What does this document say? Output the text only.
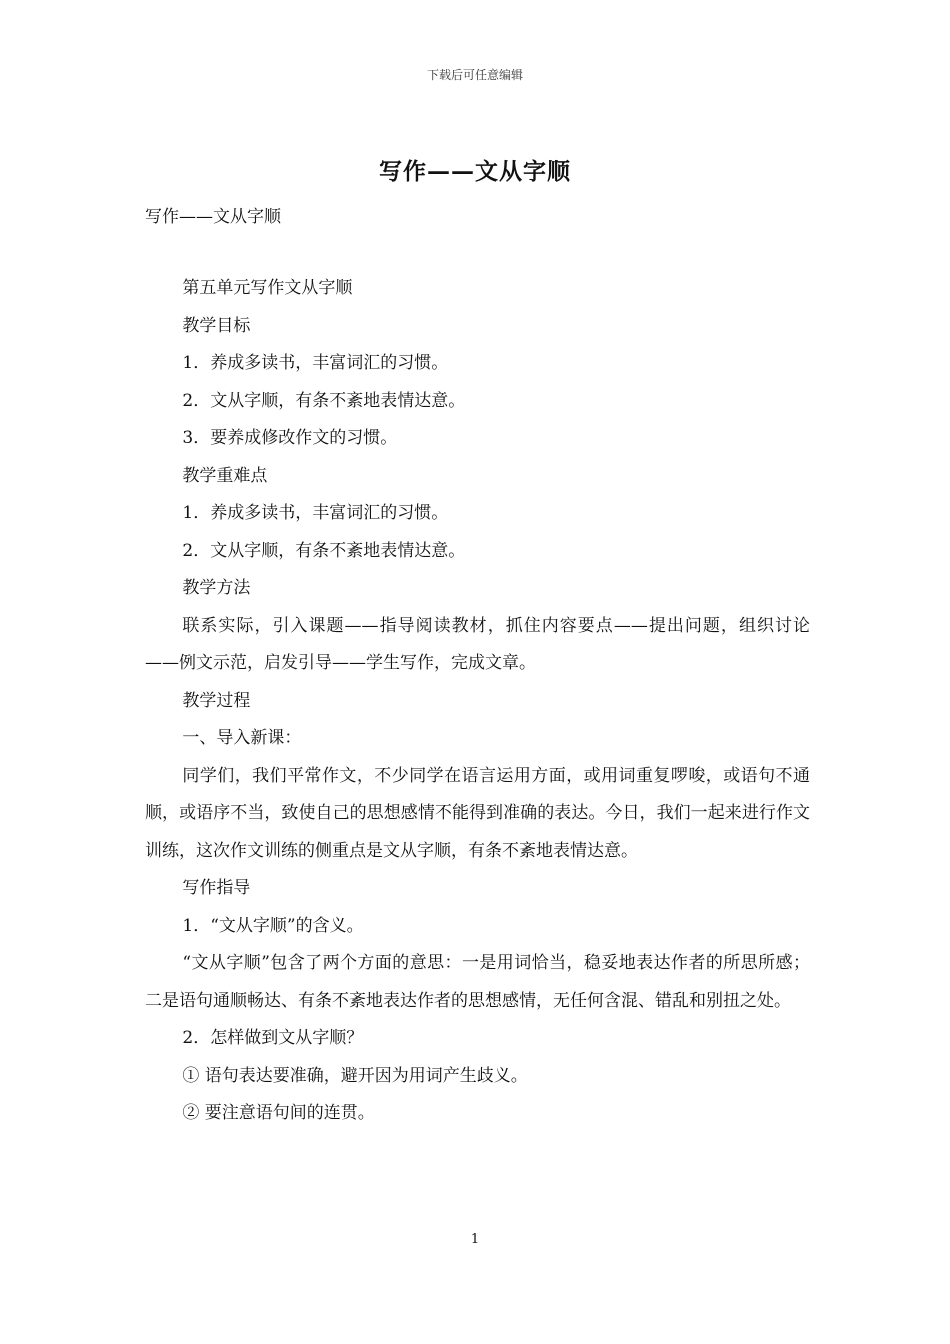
下载后可任意编辑
写作——文从字顺
写作——文从字顺

第五单元写作文从字顺

教学目标

1．养成多读书，丰富词汇的习惯。

2．文从字顺，有条不紊地表情达意。

3．要养成修改作文的习惯。

教学重难点

1．养成多读书，丰富词汇的习惯。

2．文从字顺，有条不紊地表情达意。

教学方法

联系实际，引入课题——指导阅读教材，抓住内容要点——提出问题，组织讨论——例文示范，启发引导——学生写作，完成文章。

教学过程

一、导入新课：

同学们，我们平常作文，不少同学在语言运用方面，或用词重复啰唆，或语句不通顺，或语序不当，致使自己的思想感情不能得到准确的表达。今日，我们一起来进行作文训练，这次作文训练的侧重点是文从字顺，有条不紊地表情达意。

写作指导

1．“文从字顺”的含义。

“文从字顺”包含了两个方面的意思：一是用词恰当，稳妥地表达作者的所思所感；二是语句通顺畅达、有条不紊地表达作者的思想感情，无任何含混、错乱和别扭之处。

2．怎样做到文从字顺？

① 语句表达要准确，避开因为用词产生歧义。

② 要注意语句间的连贯。

1
